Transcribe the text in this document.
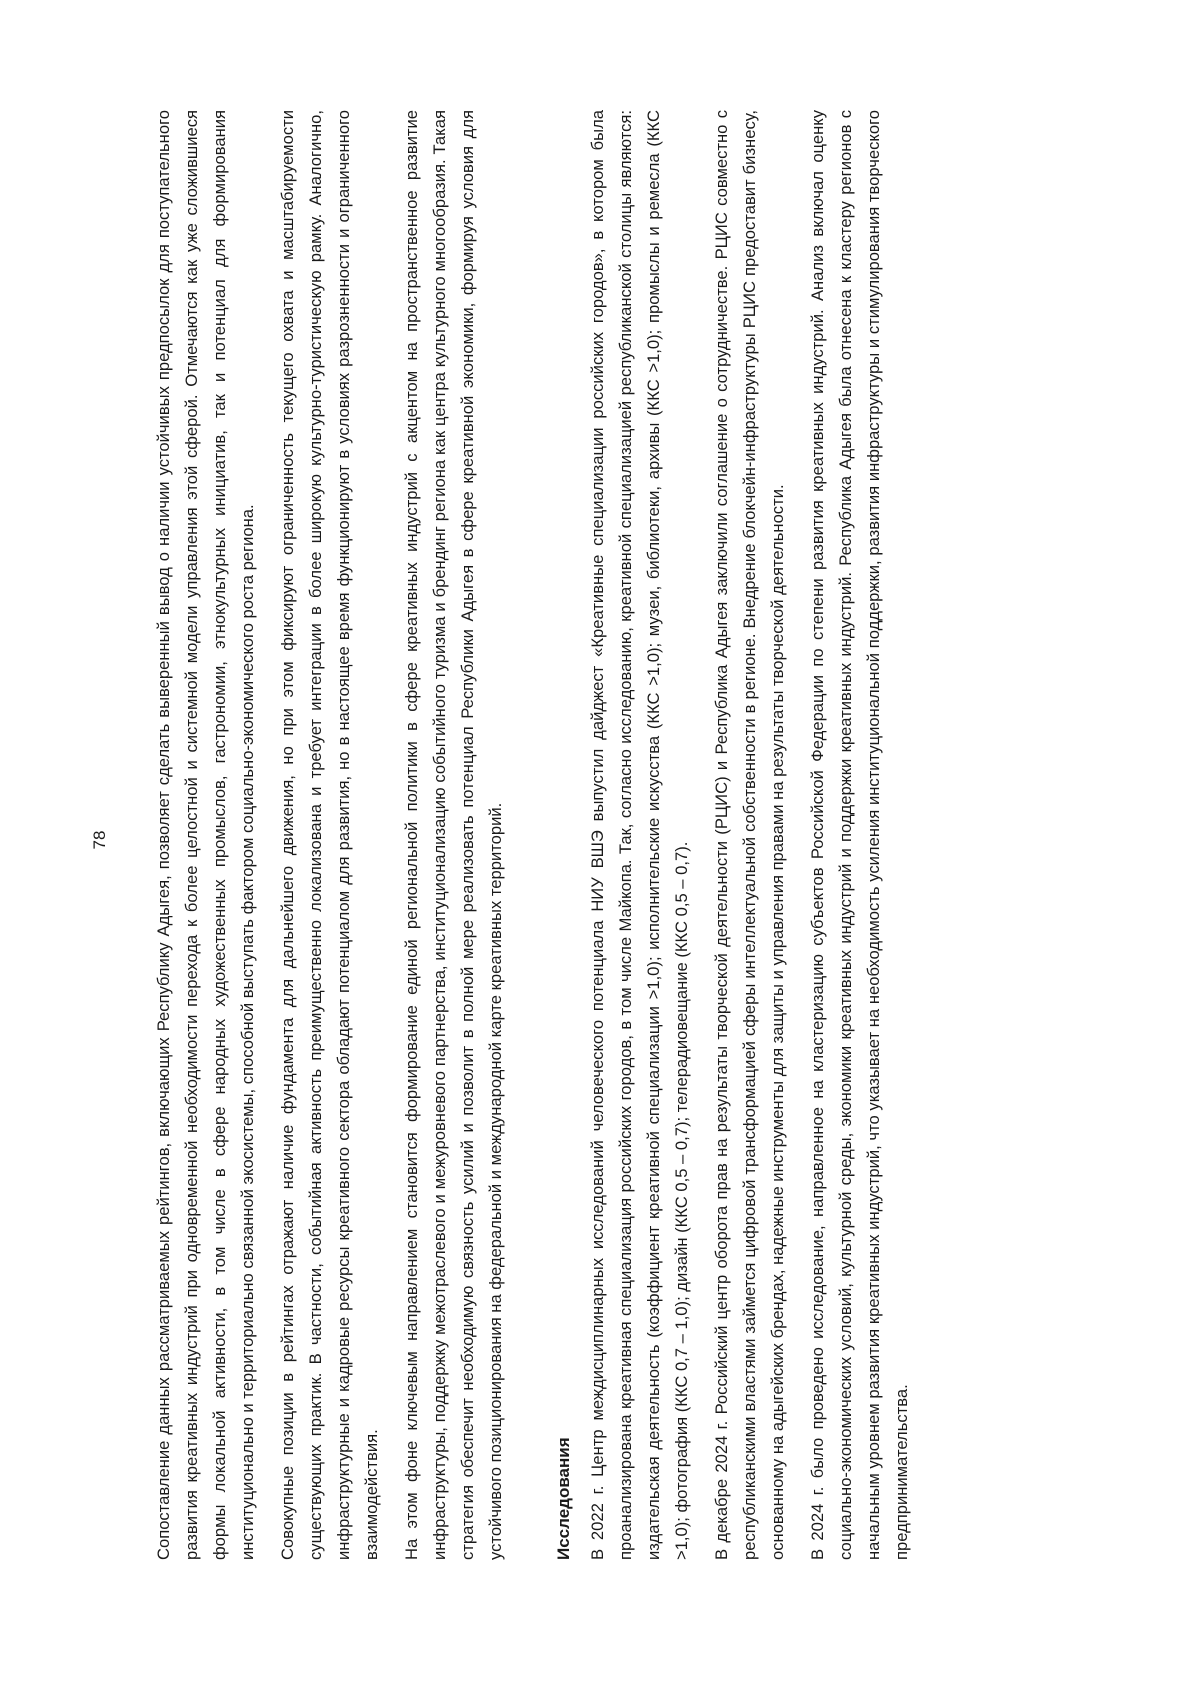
78	Сопоставление данных рассматриваемых рейтингов, включающих Республику Адыгея, позволяет сделать выверенный вывод о наличии устойчивых предпосылок для поступательного развития креативных индустрий при одновременной необходимости перехода к более целостной и системной модели управления этой сферой. Отмечаются как уже сложившиеся формы локальной активности, в том числе в сфере народных художественных промыслов, гастрономии, этнокультурных инициатив, так и потенциал для формирования институционально и территориально связанной экосистемы, способной выступать фактором социально-экономического роста региона.	Совокупные позиции в рейтингах отражают наличие фундамента для дальнейшего движения, но при этом фиксируют ограниченность текущего охвата и масштабируемости существующих практик. В частности, событийная активность преимущественно локализована и требует интеграции в более широкую культурно-туристическую рамку. Аналогично, инфраструктурные и кадровые ресурсы креативного сектора обладают потенциалом для развития, но в настоящее время функционируют в условиях разрозненности и ограниченного взаимодействия.	На этом фоне ключевым направлением становится формирование единой региональной политики в сфере креативных индустрий с акцентом на пространственное развитие инфраструктуры, поддержку межотраслевого и межуровневого партнерства, институционализацию событийного туризма и брендинг региона как центра культурного многообразия. Такая стратегия обеспечит необходимую связность усилий и позволит в полной мере реализовать потенциал Республики Адыгея в сфере креативной экономики, формируя условия для устойчивого позиционирования на федеральной и международной карте креативных территорий.	Исследования В 2022 г. Центр междисциплинарных исследований человеческого потенциала НИУ ВШЭ выпустил дайджест «Креативные специализации российских городов», в котором была проанализирована креативная специализация российских городов, в том числе Майкопа. Так, согласно исследованию, креативной специализацией республиканской столицы являются: издательская деятельность (коэффициент креативной специализации >1,0); исполнительские искусства (ККС >1,0); музеи, библиотеки, архивы (ККС >1,0); промыслы и ремесла (ККС >1,0); фотография (ККС 0,7 – 1,0); дизайн (ККС 0,5 – 0,7); телерадиовещание (ККС 0,5 – 0,7).	В декабре 2024 г. Российский центр оборота прав на результаты творческой деятельности (РЦИС) и Республика Адыгея заключили соглашение о сотрудничестве. РЦИС совместно с республиканскими властями займется цифровой трансформацией сферы интеллектуальной собственности в регионе. Внедрение блокчейн-инфраструктуры РЦИС предоставит бизнесу, основанному на адыгейских брендах, надежные инструменты для защиты и управления правами на результаты творческой деятельности.	В 2024 г. было проведено исследование, направленное на кластеризацию субъектов Российской Федерации по степени развития креативных индустрий. Анализ включал оценку социально-экономических условий, культурной среды, экономики креативных индустрий и поддержки креативных индустрий. Республика Адыгея была отнесена к кластеру регионов с начальным уровнем развития креативных индустрий, что указывает на необходимость усиления институциональной поддержки, развития инфраструктуры и стимулирования творческого предпринимательства.
